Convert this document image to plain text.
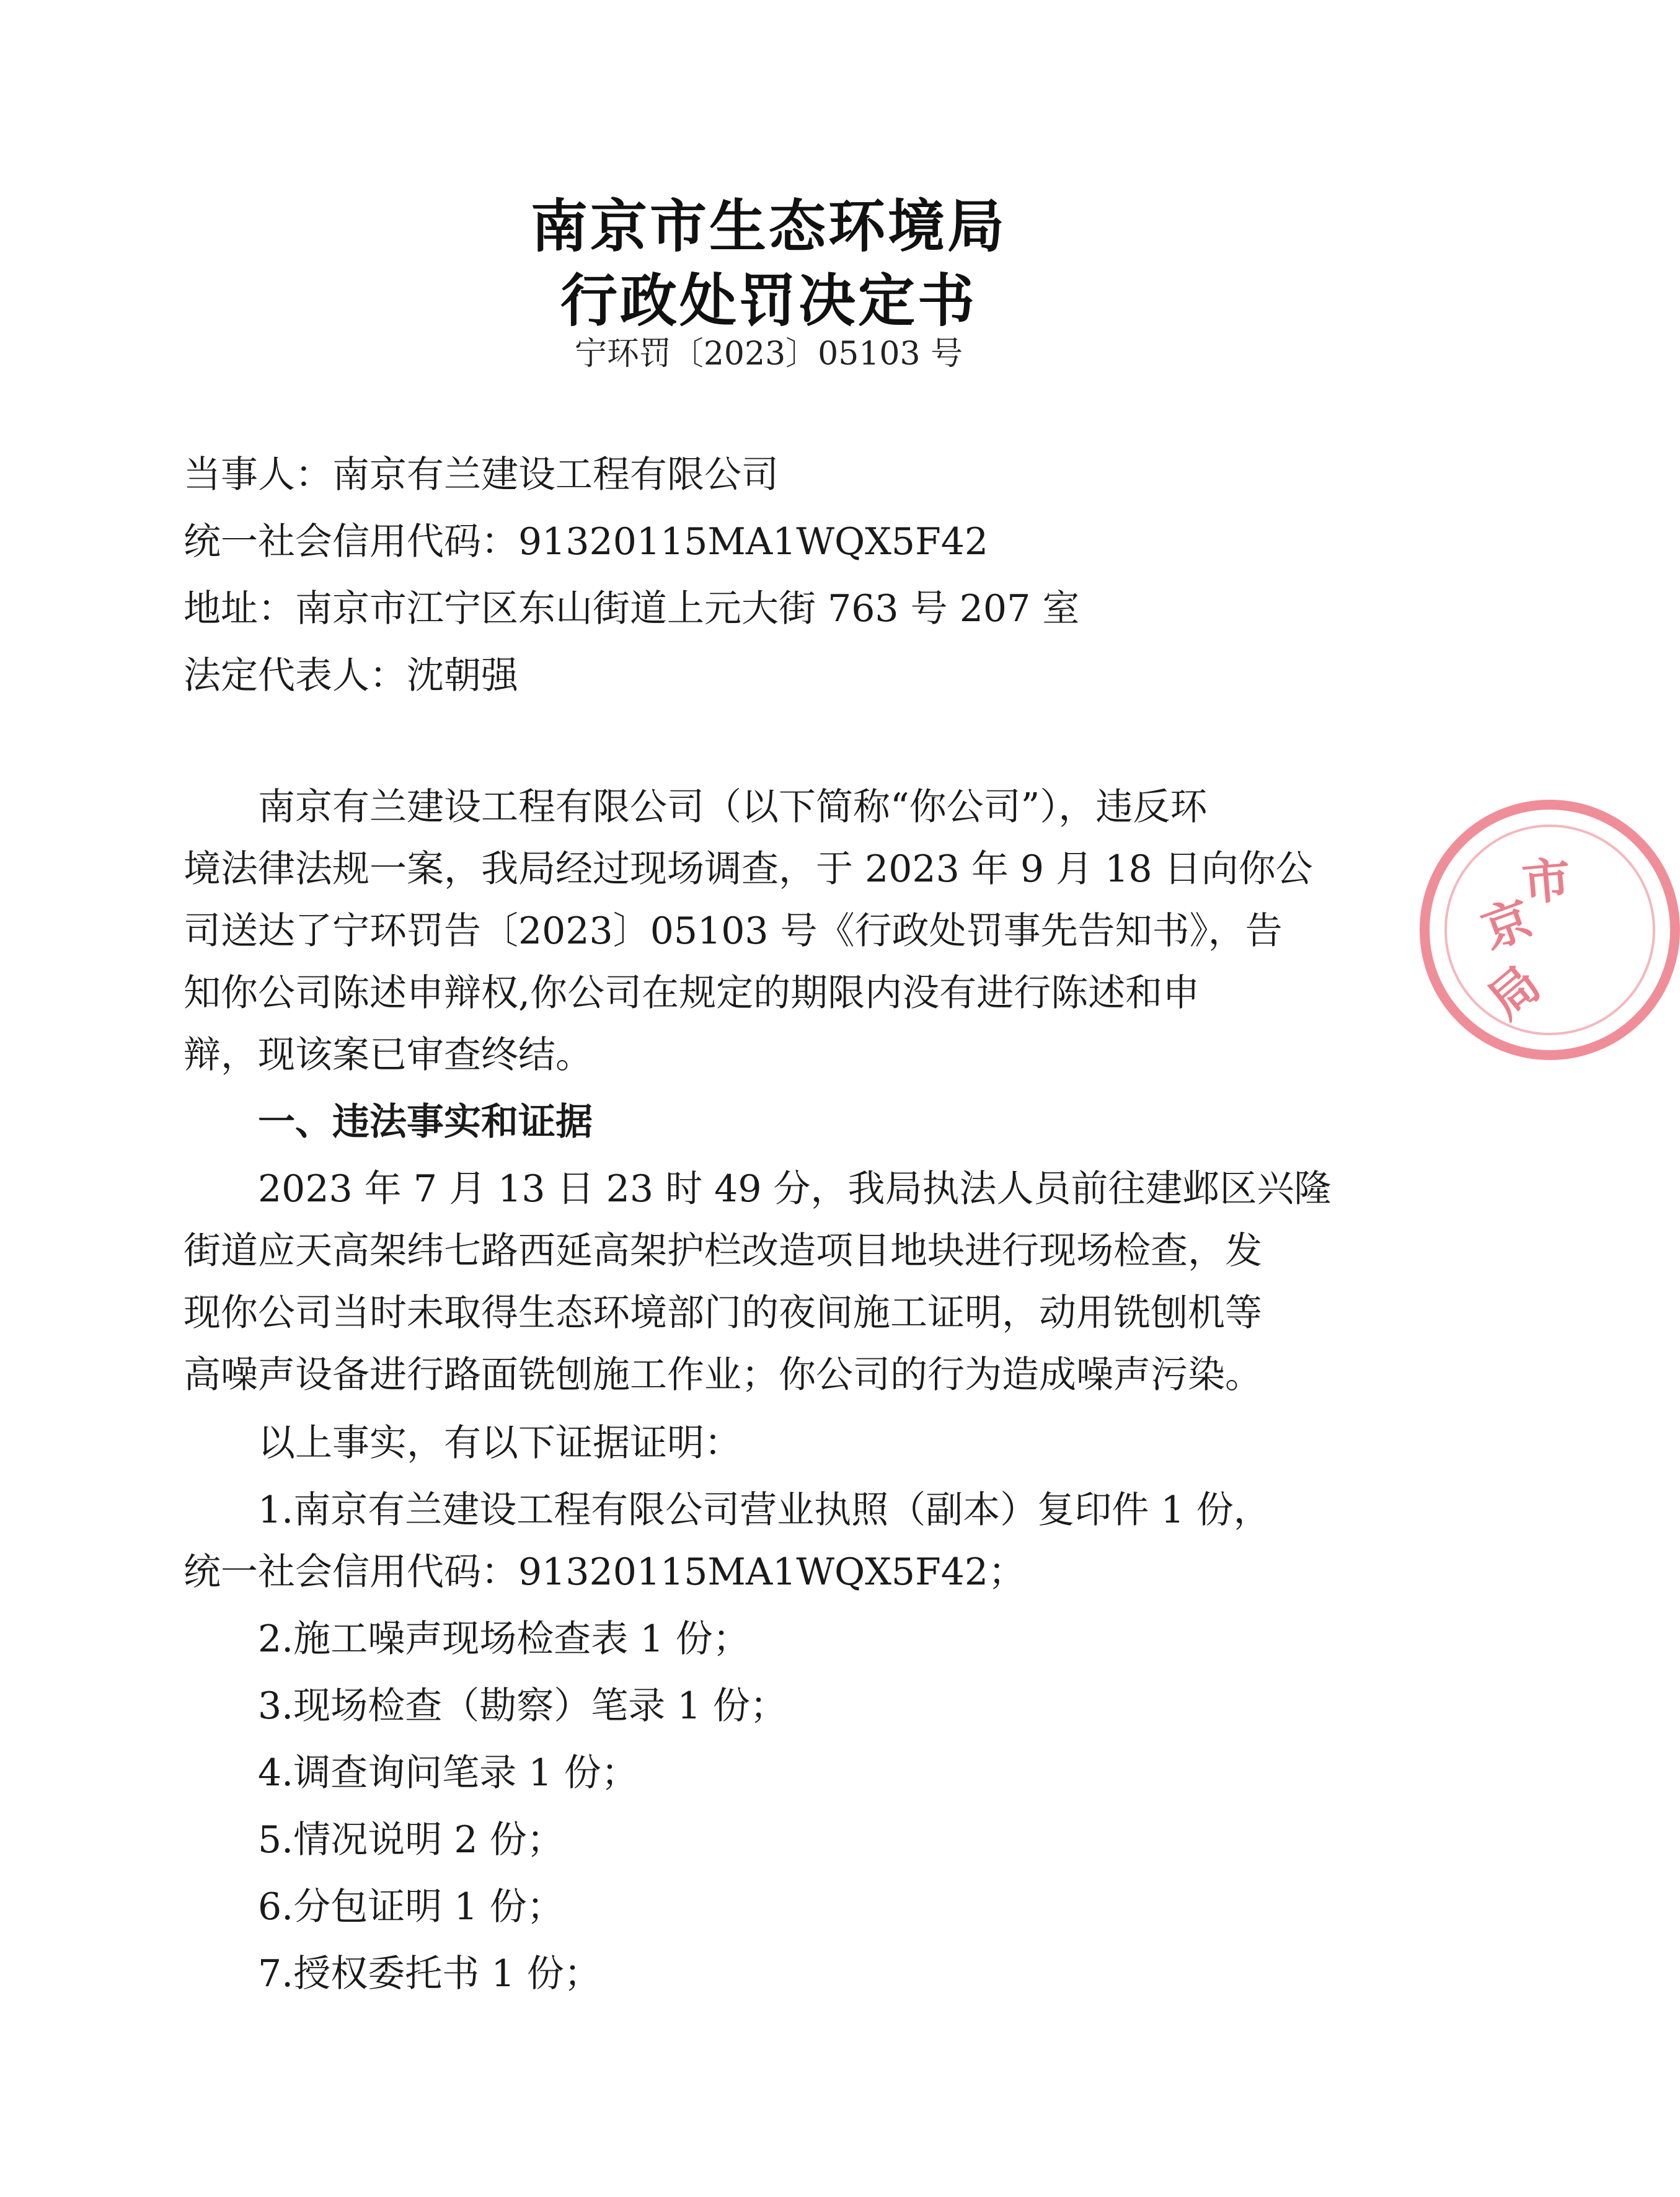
南京市生态环境局
行政处罚决定书
宁环罚〔2023〕05103 号
当事人：南京有兰建设工程有限公司
统一社会信用代码：91320115MA1WQX5F42
地址：南京市江宁区东山街道上元大街 763 号 207 室
法定代表人：沈朝强
南京有兰建设工程有限公司（以下简称“你公司”），违反环
境法律法规一案，我局经过现场调查，于 2023 年 9 月 18 日向你公
司送达了宁环罚告〔2023〕05103 号《行政处罚事先告知书》，告
知你公司陈述申辩权,你公司在规定的期限内没有进行陈述和申
辩，现该案已审查终结。
一、违法事实和证据
2023 年 7 月 13 日 23 时 49 分，我局执法人员前往建邺区兴隆
街道应天高架纬七路西延高架护栏改造项目地块进行现场检查，发
现你公司当时未取得生态环境部门的夜间施工证明，动用铣刨机等
高噪声设备进行路面铣刨施工作业；你公司的行为造成噪声污染。
以上事实，有以下证据证明：
1.南京有兰建设工程有限公司营业执照（副本）复印件 1 份，
统一社会信用代码：91320115MA1WQX5F42；
2.施工噪声现场检查表 1 份；
3.现场检查（勘察）笔录 1 份；
4.调查询问笔录 1 份；
5.情况说明 2 份；
6.分包证明 1 份；
7.授权委托书 1 份；
京
市
局
